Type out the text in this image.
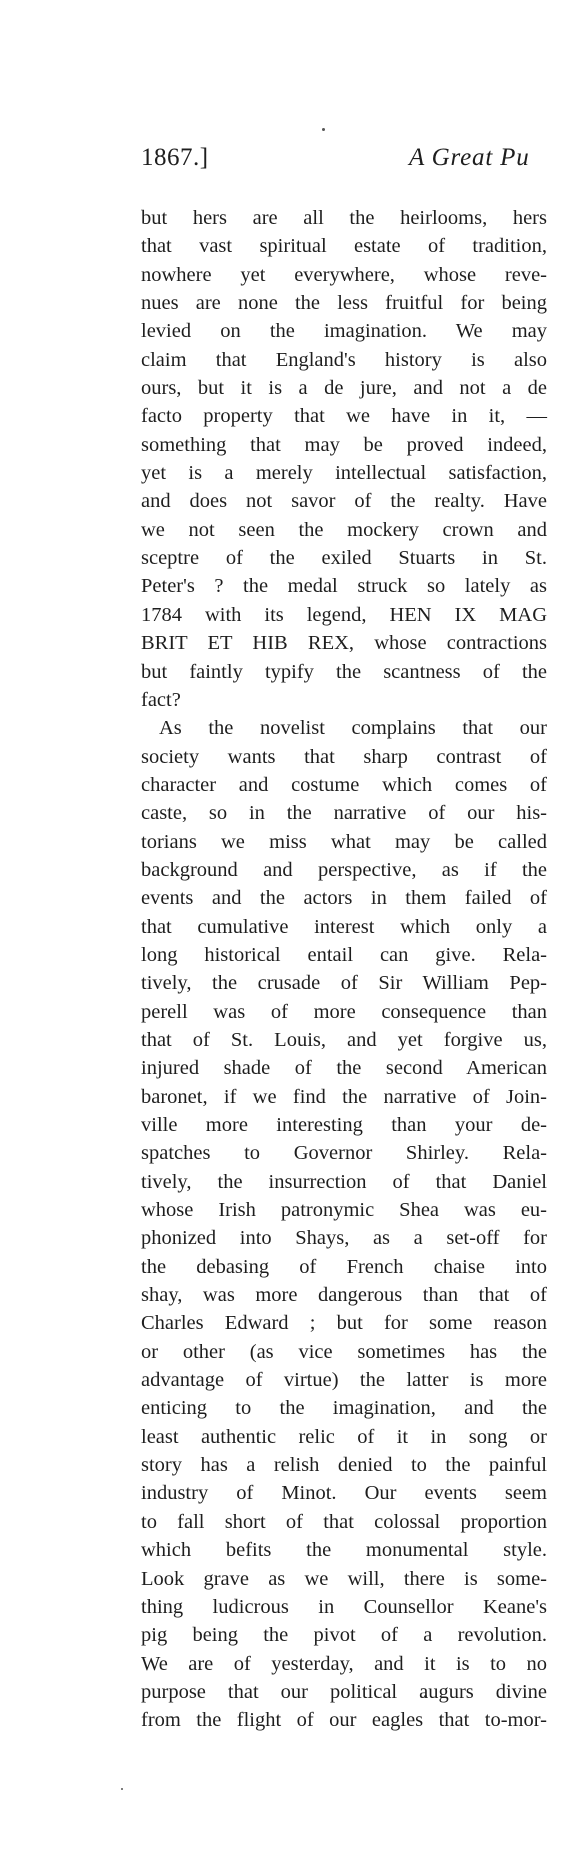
1867.]	A Great Pu
but hers are all the heirlooms, hers
that vast spiritual estate of tradition,
nowhere yet everywhere, whose reve-
nues are none the less fruitful for being
levied on the imagination. We may
claim that England's history is also
ours, but it is a de jure, and not a de
facto property that we have in it, —
something that may be proved indeed,
yet is a merely intellectual satisfaction,
and does not savor of the realty. Have
we not seen the mockery crown and
sceptre of the exiled Stuarts in St.
Peter's ? the medal struck so lately as
1784 with its legend, HEN IX MAG
BRIT ET HIB REX, whose contractions
but faintly typify the scantness of the
fact?
As the novelist complains that our
society wants that sharp contrast of
character and costume which comes of
caste, so in the narrative of our his-
torians we miss what may be called
background and perspective, as if the
events and the actors in them failed of
that cumulative interest which only a
long historical entail can give. Rela-
tively, the crusade of Sir William Pep-
perell was of more consequence than
that of St. Louis, and yet forgive us,
injured shade of the second American
baronet, if we find the narrative of Join-
ville more interesting than your de-
spatches to Governor Shirley. Rela-
tively, the insurrection of that Daniel
whose Irish patronymic Shea was eu-
phonized into Shays, as a set-off for
the debasing of French chaise into
shay, was more dangerous than that of
Charles Edward ; but for some reason
or other (as vice sometimes has the
advantage of virtue) the latter is more
enticing to the imagination, and the
least authentic relic of it in song or
story has a relish denied to the painful
industry of Minot. Our events seem
to fall short of that colossal proportion
which befits the monumental style.
Look grave as we will, there is some-
thing ludicrous in Counsellor Keane's
pig being the pivot of a revolution.
We are of yesterday, and it is to no
purpose that our political augurs divine
from the flight of our eagles that to-mor-
